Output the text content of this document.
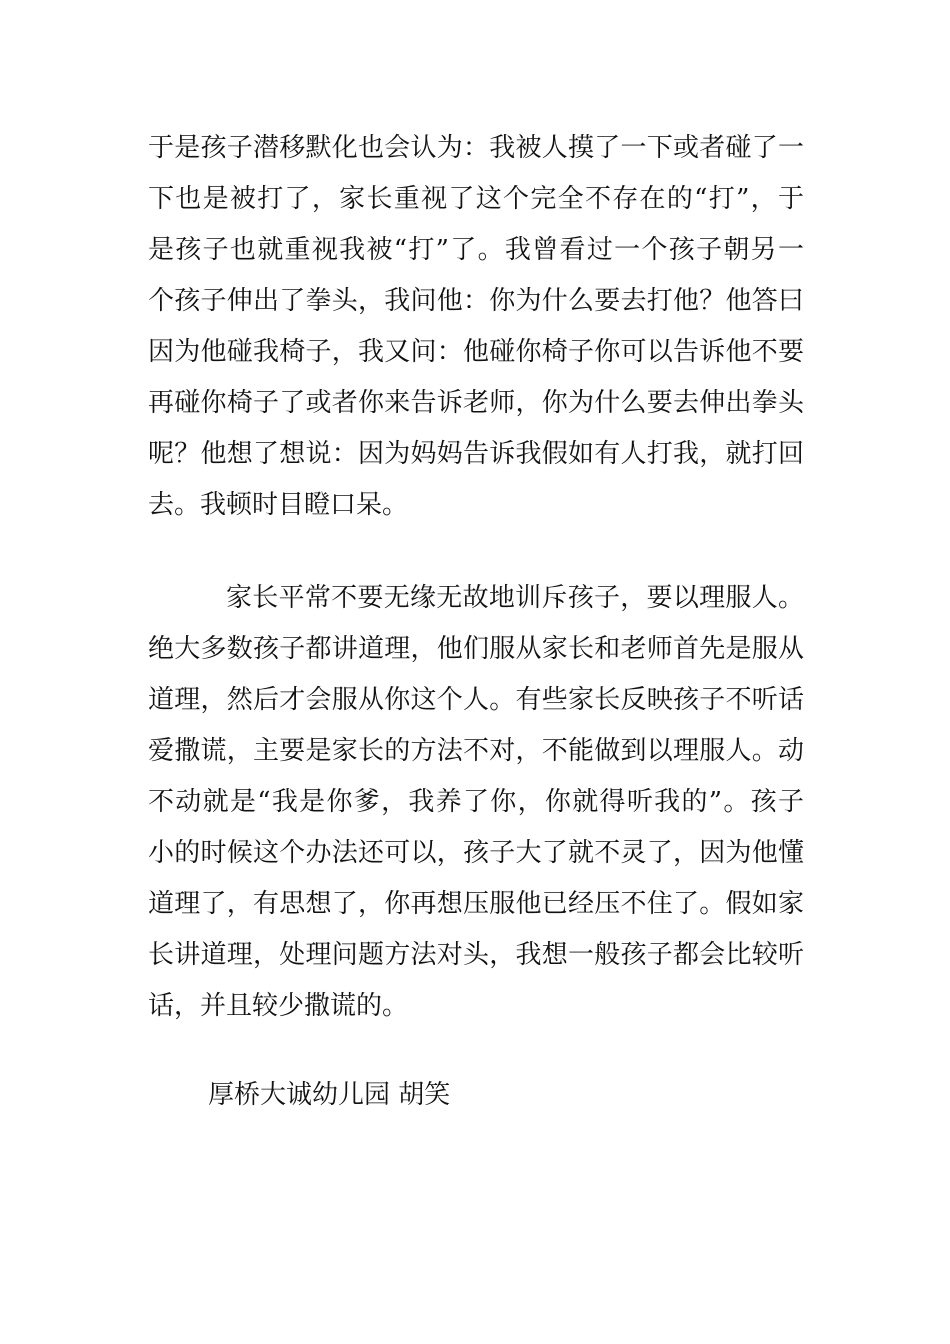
于是孩子潜移默化也会认为：我被人摸了一下或者碰了一
下也是被打了，家长重视了这个完全不存在的“打”，于
是孩子也就重视我被“打”了。我曾看过一个孩子朝另一
个孩子伸出了拳头，我问他：你为什么要去打他？他答曰
因为他碰我椅子，我又问：他碰你椅子你可以告诉他不要
再碰你椅子了或者你来告诉老师，你为什么要去伸出拳头
呢？他想了想说：因为妈妈告诉我假如有人打我，就打回
去。我顿时目瞪口呆。
家长平常不要无缘无故地训斥孩子，要以理服人。
绝大多数孩子都讲道理，他们服从家长和老师首先是服从
道理，然后才会服从你这个人。有些家长反映孩子不听话
爱撒谎，主要是家长的方法不对，不能做到以理服人。动
不动就是“我是你爹，我养了你，你就得听我的”。孩子
小的时候这个办法还可以，孩子大了就不灵了，因为他懂
道理了，有思想了，你再想压服他已经压不住了。假如家
长讲道理，处理问题方法对头，我想一般孩子都会比较听
话，并且较少撒谎的。
厚桥大诚幼儿园 胡笑
